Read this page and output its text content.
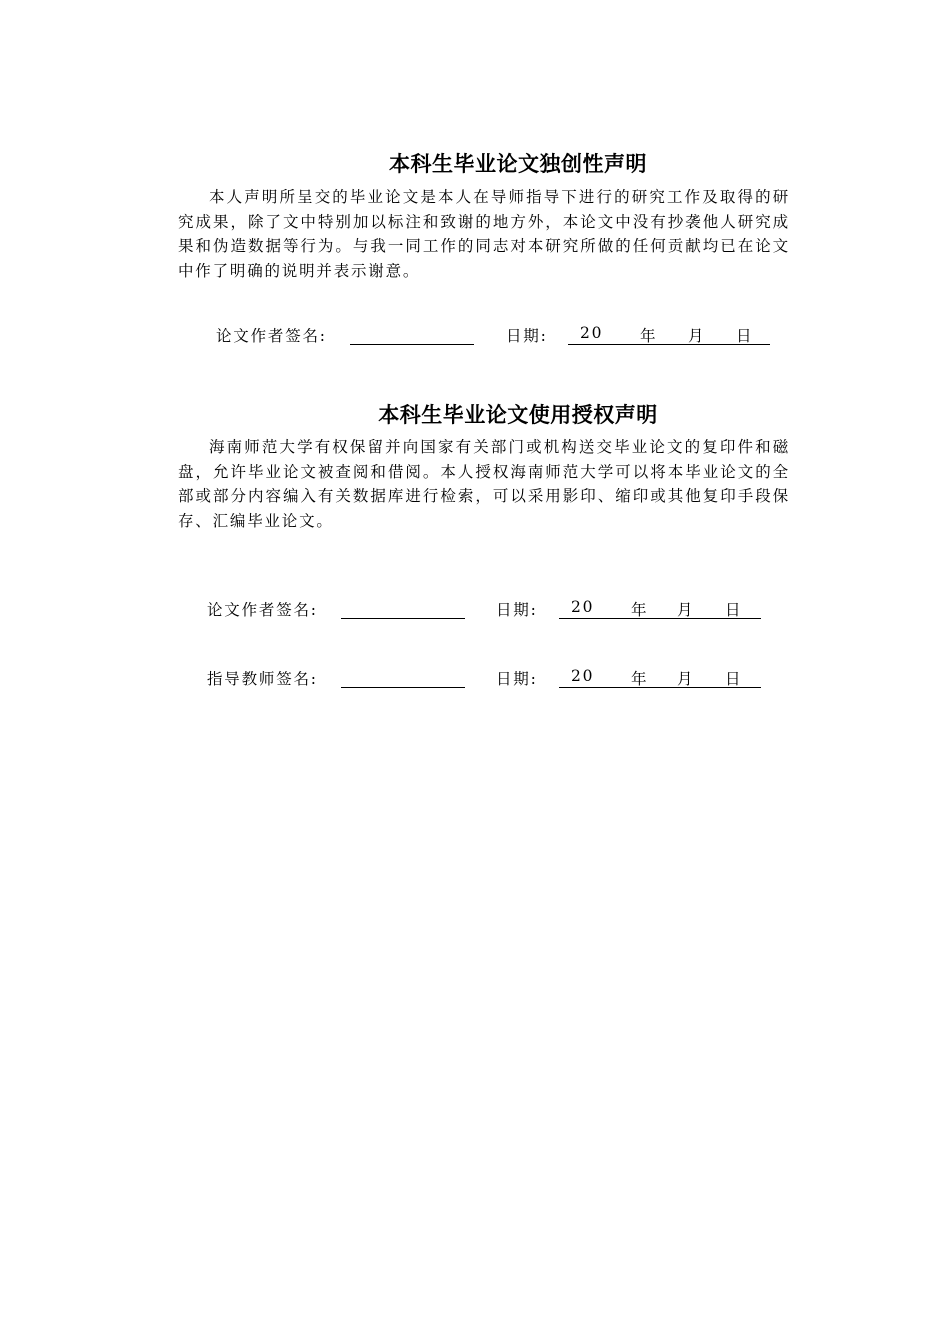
本科生毕业论文独创性声明

本人声明所呈交的毕业论文是本人在导师指导下进行的研究工作及取得的研究成果，除了文中特别加以标注和致谢的地方外，本论文中没有抄袭他人研究成果和伪造数据等行为。与我一同工作的同志对本研究所做的任何贡献均已在论文中作了明确的说明并表示谢意。

论文作者签名:	日期: 20 年 月 日
本科生毕业论文使用授权声明

海南师范大学有权保留并向国家有关部门或机构送交毕业论文的复印件和磁盘，允许毕业论文被查阅和借阅。本人授权海南师范大学可以将本毕业论文的全部或部分内容编入有关数据库进行检索，可以采用影印、缩印或其他复印手段保存、汇编毕业论文。

论文作者签名:	日期: 20 年 月 日
指导教师签名:	日期: 20 年 月 日
